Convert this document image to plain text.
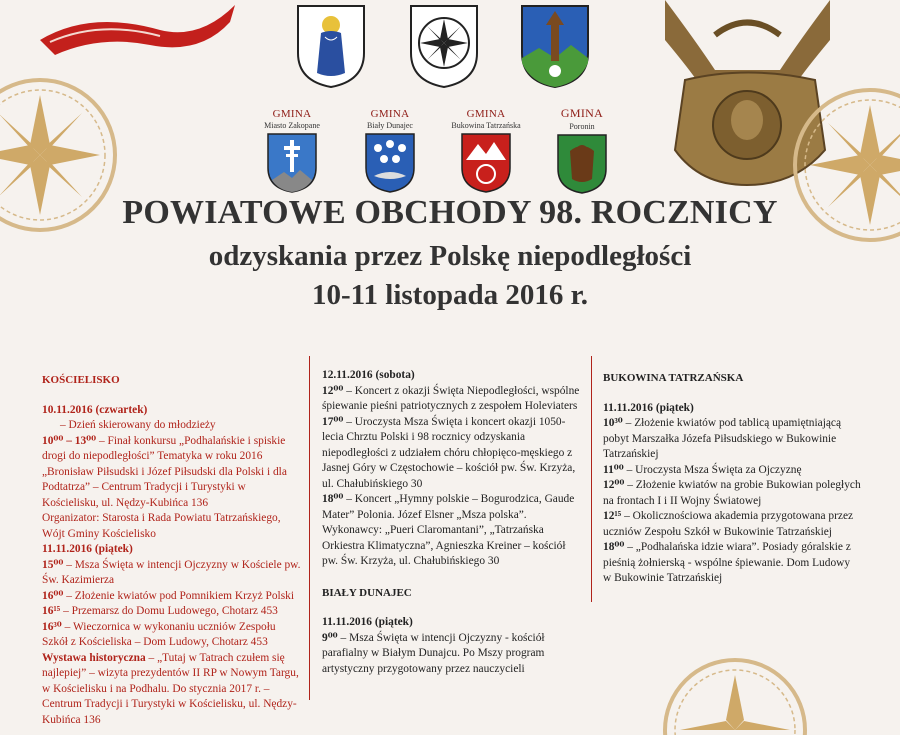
GMINA
Miasto Zakopane
GMINA
Biały Dunajec
GMINA
Bukowina Tatrzańska
GMINA
Poronin
POWIATOWE OBCHODY 98. ROCZNICY
odzyskania przez Polskę niepodległości
10-11 listopada 2016 r.
KOŚCIELISKO
10.11.2016 (czwartek)
– Dzień skierowany do młodzieży
10⁰⁰ – 13⁰⁰ – Finał konkursu „Podhalańskie i spiskie drogi do niepodległości” Tematyka w roku 2016 „Bronisław Piłsudski i Józef Piłsudski dla Polski i dla Podtatrza” – Centrum Tradycji i Turystyki w Kościelisku, ul. Nędzy-Kubińca 136
Organizator: Starosta i Rada Powiatu Tatrzańskiego, Wójt Gminy Kościelisko
11.11.2016 (piątek)
15⁰⁰ – Msza Święta w intencji Ojczyzny w Kościele pw. Św. Kazimierza
16⁰⁰ – Złożenie kwiatów pod Pomnikiem Krzyż Polski
16¹⁵ – Przemarsz do Domu Ludowego, Chotarz 453
16³⁰ – Wieczornica w wykonaniu uczniów Zespołu Szkół z Kościeliska – Dom Ludowy, Chotarz 453
Wystawa historyczna – „Tutaj w Tatrach czułem się najlepiej” – wizyta prezydentów II RP w Nowym Targu, w Kościelisku i na Podhalu. Do stycznia 2017 r. – Centrum Tradycji i Turystyki w Kościelisku, ul. Nędzy-Kubińca 136
12.11.2016 (sobota)
12⁰⁰ – Koncert z okazji Święta Niepodległości, wspólne śpiewanie pieśni patriotycznych z zespołem Holeviaters
17⁰⁰ – Uroczysta Msza Święta i koncert okazji 1050-lecia Chrztu Polski i 98 rocznicy odzyskania niepodległości z udziałem chóru chłopięco-męskiego z Jasnej Góry w Częstochowie – kościół pw. Św. Krzyża, ul. Chałubińskiego 30
18⁰⁰ – Koncert „Hymny polskie – Bogurodzica, Gaude Mater” Polonia. Józef Elsner „Msza polska”. Wykonawcy: „Pueri Claromantani”, „Tatrzańska Orkiestra Klimatyczna”, Agnieszka Kreiner – kościół pw. Św. Krzyża, ul. Chałubińskiego 30
BIAŁY DUNAJEC
11.11.2016 (piątek)
9⁰⁰ – Msza Święta w intencji Ojczyzny - kościół parafialny w Białym Dunajcu. Po Mszy program artystyczny przygotowany przez nauczycieli
BUKOWINA TATRZAŃSKA
11.11.2016 (piątek)
10³⁰ – Złożenie kwiatów pod tablicą upamiętniającą pobyt Marszałka Józefa Piłsudskiego w Bukowinie Tatrzańskiej
11⁰⁰ – Uroczysta Msza Święta za Ojczyznę
12⁰⁰ – Złożenie kwiatów na grobie Bukowian poległych na frontach I i II Wojny Światowej
12¹⁵ – Okolicznościowa akademia przygotowana przez uczniów Zespołu Szkół w Bukowinie Tatrzańskiej
18⁰⁰ – „Podhalańska idzie wiara”. Posiady góralskie z pieśnią żołnierską - wspólne śpiewanie. Dom Ludowy w Bukowinie Tatrzańskiej
